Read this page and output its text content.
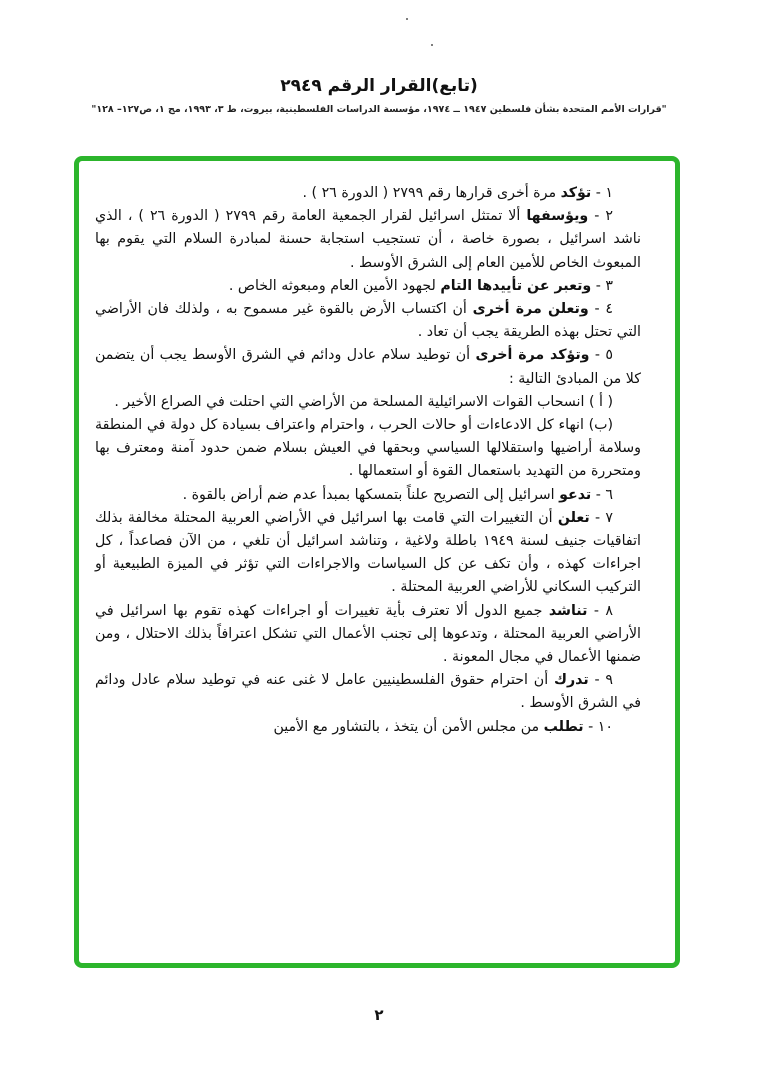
(تابع)القرار الرقم ٢٩٤٩
"قرارات الأمم المتحدة بشأن فلسطين ١٩٤٧ ــ ١٩٧٤، مؤسسة الدراسات الفلسطينية، بيروت، ط ٣، ١٩٩٣، مج ١، ص١٢٧– ١٢٨"

١ - تؤكد مرة أخرى قرارها رقم ٢٧٩٩ ( الدورة ٢٦ ) .

٢ - ويؤسفها ألا تمتثل اسرائيل لقرار الجمعية العامة رقم ٢٧٩٩ ( الدورة ٢٦ ) ، الذي ناشد اسرائيل ، بصورة خاصة ، أن تستجيب استجابة حسنة لمبادرة السلام التي يقوم بها المبعوث الخاص للأمين العام إلى الشرق الأوسط .

٣ - وتعبر عن تأييدها التام لجهود الأمين العام ومبعوثه الخاص .

٤ - وتعلن مرة أخرى أن اكتساب الأرض بالقوة غير مسموح به ، ولذلك فان الأراضي التي تحتل بهذه الطريقة يجب أن تعاد .

٥ - وتؤكد مرة أخرى أن توطيد سلام عادل ودائم في الشرق الأوسط يجب أن يتضمن كلا من المبادئ التالية :

( أ ) انسحاب القوات الاسرائيلية المسلحة من الأراضي التي احتلت في الصراع الأخير .

(ب) انهاء كل الادعاءات أو حالات الحرب ، واحترام واعتراف بسيادة كل دولة في المنطقة وسلامة أراضيها واستقلالها السياسي وبحقها في العيش بسلام ضمن حدود آمنة ومعترف بها ومتحررة من التهديد باستعمال القوة أو استعمالها .

٦ - تدعو اسرائيل إلى التصريح علناً بتمسكها بمبدأ عدم ضم أراض بالقوة .

٧ - تعلن أن التغييرات التي قامت بها اسرائيل في الأراضي العربية المحتلة مخالفة بذلك اتفاقيات جنيف لسنة ١٩٤٩ باطلة ولاغية ، وتناشد اسرائيل أن تلغي ، من الآن فصاعداً ، كل اجراءات كهذه ، وأن تكف عن كل السياسات والاجراءات التي تؤثر في الميزة الطبيعية أو التركيب السكاني للأراضي العربية المحتلة .

٨ - تناشد جميع الدول ألا تعترف بأية تغييرات أو اجراءات كهذه تقوم بها اسرائيل في الأراضي العربية المحتلة ، وتدعوها إلى تجنب الأعمال التي تشكل اعترافاً بذلك الاحتلال ، ومن ضمنها الأعمال في مجال المعونة .

٩ - تدرك أن احترام حقوق الفلسطينيين عامل لا غنى عنه في توطيد سلام عادل ودائم في الشرق الأوسط .

١٠ - تطلب من مجلس الأمن أن يتخذ ، بالتشاور مع الأمين

٢
